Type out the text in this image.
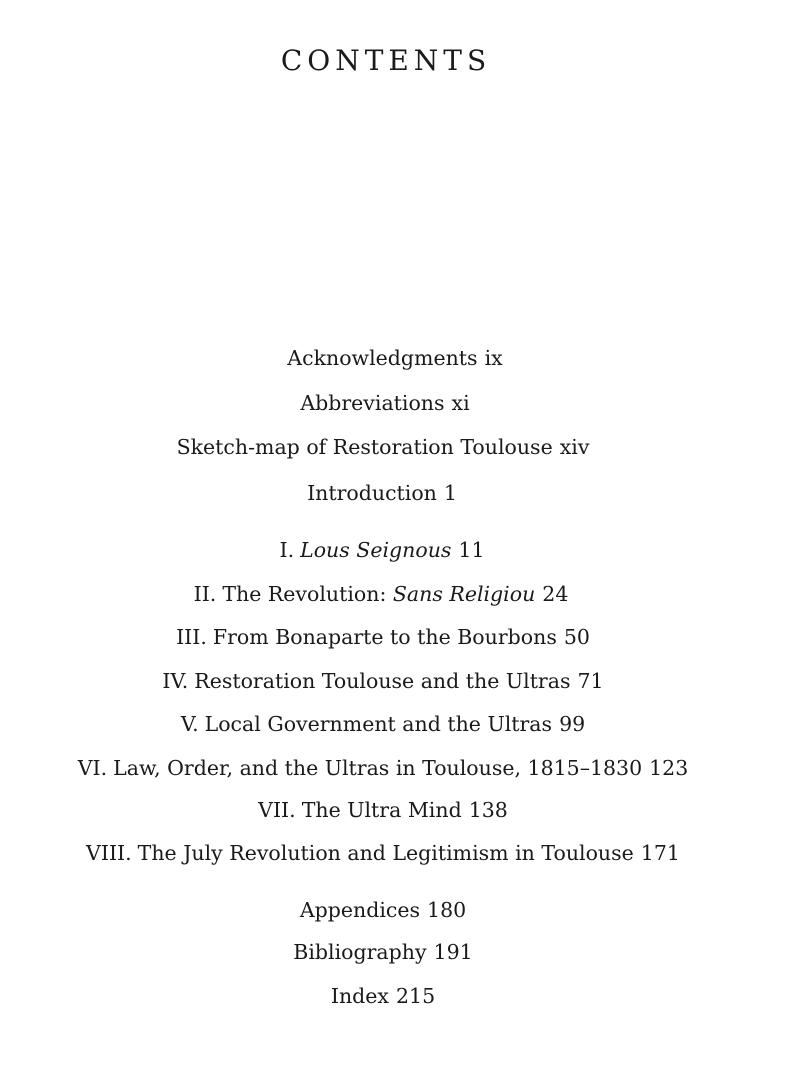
CONTENTS
Acknowledgments ix
Abbreviations xi
Sketch-map of Restoration Toulouse xiv
Introduction 1
I. Lous Seignous 11
II. The Revolution: Sans Religiou 24
III. From Bonaparte to the Bourbons 50
IV. Restoration Toulouse and the Ultras 71
V. Local Government and the Ultras 99
VI. Law, Order, and the Ultras in Toulouse, 1815–1830 123
VII. The Ultra Mind 138
VIII. The July Revolution and Legitimism in Toulouse 171
Appendices 180
Bibliography 191
Index 215
